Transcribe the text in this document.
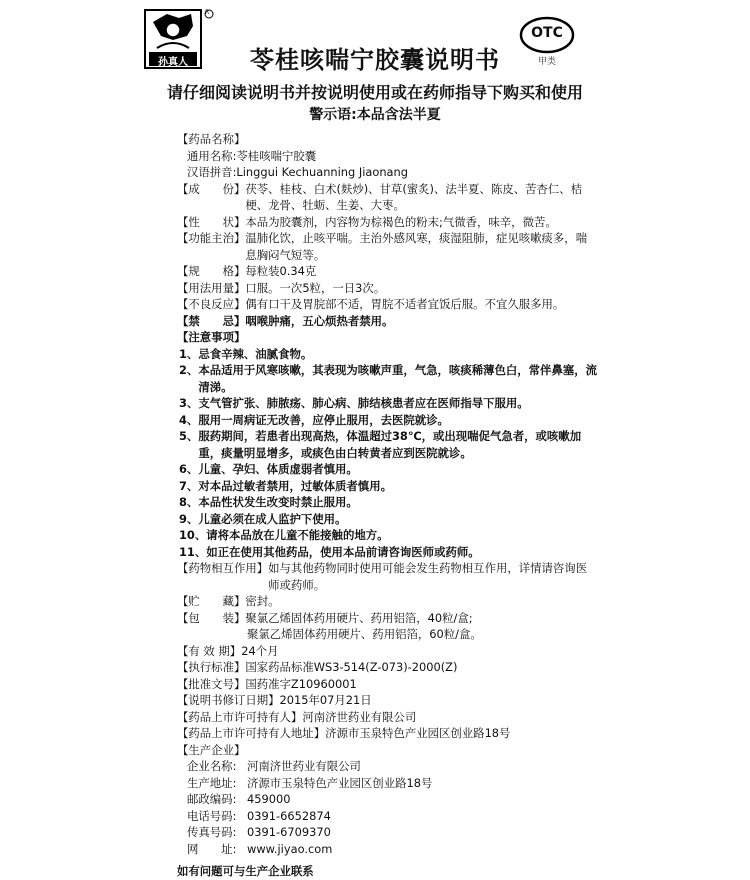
孙真人
R
OTC
甲类
苓桂咳喘宁胶囊说明书
请仔细阅读说明书并按说明使用或在药师指导下购买和使用
警示语:本品含法半夏
【药品名称】
通用名称:苓桂咳喘宁胶囊
汉语拼音:Linggui Kechuanning Jiaonang
【成　　份】 茯苓、桂枝、白术(麸炒)、甘草(蜜炙)、法半夏、陈皮、苦杏仁、桔梗、龙骨、牡蛎、生姜、大枣。
【性　　状】 本品为胶囊剂，内容物为棕褐色的粉末;气微香，味辛，微苦。
【功能主治】 温肺化饮，止咳平喘。主治外感风寒，痰湿阻肺，症见咳嗽痰多，喘息胸闷气短等。
【规　　格】 每粒装0.34克
【用法用量】 口服。一次5粒，一日3次。
【不良反应】 偶有口干及胃脘部不适，胃脘不适者宜饭后服。不宜久服多用。
【禁　　忌】 咽喉肿痛，五心烦热者禁用。
【注意事项】
1、 忌食辛辣、油腻食物。
2、 本品适用于风寒咳嗽，其表现为咳嗽声重，气急，咳痰稀薄色白，常伴鼻塞，流清涕。
3、 支气管扩张、肺脓疡、肺心病、肺结核患者应在医师指导下服用。
4、 服用一周病证无改善，应停止服用，去医院就诊。
5、 服药期间，若患者出现高热，体温超过38℃，或出现喘促气急者，或咳嗽加重，痰量明显增多，或痰色由白转黄者应到医院就诊。
6、 儿童、孕妇、体质虚弱者慎用。
7、 对本品过敏者禁用，过敏体质者慎用。
8、 本品性状发生改变时禁止服用。
9、 儿童必须在成人监护下使用。
10、 请将本品放在儿童不能接触的地方。
11、 如正在使用其他药品，使用本品前请咨询医师或药师。
【药物相互作用】 如与其他药物同时使用可能会发生药物相互作用，详情请咨询医师或药师。
【贮　　藏】 密封。
【包　　装】 聚氯乙烯固体药用硬片、药用铝箔，40粒/盒;
聚氯乙烯固体药用硬片、药用铝箔，60粒/盒。
【有 效 期】 24个月
【执行标准】 国家药品标准WS3-514(Z-073)-2000(Z)
【批准文号】 国药准字Z10960001
【说明书修订日期】 2015年07月21日
【药品上市许可持有人】 河南济世药业有限公司
【药品上市许可持有人地址】 济源市玉泉特色产业园区创业路18号
【生产企业】
企业名称: 河南济世药业有限公司
生产地址: 济源市玉泉特色产业园区创业路18号
邮政编码: 459000
电话号码: 0391-6652874
传真号码: 0391-6709370
网　　址: www.jiyao.com
如有问题可与生产企业联系
